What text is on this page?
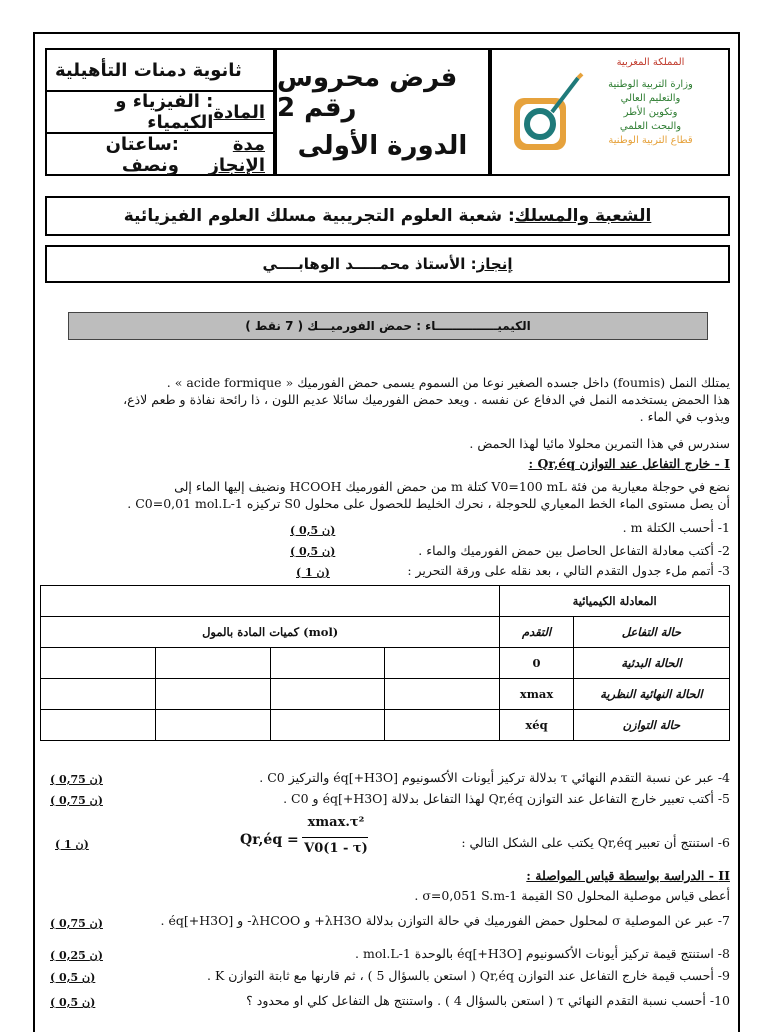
ثانوية دمنات التأهيلية
المادة
: الفيزياء و الكيمياء
مدة الإنجاز
:ساعتان ونصف
فرض محروس رقم 2
الدورة الأولى
المملكة المغربية
وزارة التربية الوطنية
والتعليم العالي
وتكوين الأطر
والبحث العلمي
قطاع التربية الوطنية
الشعبة والمسلك
: شعبة العلوم التجريبية مسلك العلوم الفيزيائية
إنجاز
: الأستاذ محمـــــد الوهابــــي
الكيميـــــــــــــــاء : حمض الفورميـــك ( 7 نقط )
يمتلك النمل (foumis) داخل جسده الصغير نوعا من السموم يسمى حمض الفورميك « acide formique » .
هذا الحمض يستخدمه النمل في الدفاع عن نفسه . ويعد حمض الفورميك سائلا عديم اللون ، ذا رائحة نفاذة و طعم لاذع،
ويذوب في الماء .
سندرس في هذا التمرين محلولا مائيا لهذا الحمض .
I - خارج التفاعل عند التوازن Qr,éq :
نضع في حوجلة معيارية من فئة V0=100 mL كتلة m من حمض الفورميك HCOOH ونضيف إليها الماء إلى
أن يصل مستوى الماء الخط المعياري للحوجلة ، نحرك الخليط للحصول على محلول S0 تركيزه C0=0,01 mol.L-1 .
1- أحسب الكتلة m .
2- أكتب معادلة التفاعل الحاصل بين حمض الفورميك والماء .
3- أتمم ملء جدول التقدم التالي ، بعد نقله على ورقة التحرير :
( 0,5 ن)
( 0,5 ن)
( 1 ن)
				المعادلة الكيميائية	
كميات المادة بالمول (mol)				التقدم	حالة التفاعل
				0	الحالة البدئية
				xmax	الحالة النهائية النظرية
				xéq	حالة التوازن
4- عبر عن نسبة التقدم النهائي τ بدلالة تركيز أيونات الأكسونيوم [H3O+]éq والتركيز C0 .
5- أكتب تعبير خارج التفاعل عند التوازن Qr,éq لهذا التفاعل بدلالة [H3O+]éq و C0 .
6- استنتج أن تعبير Qr,éq يكتب على الشكل التالي :
( 0,75 ن)
( 0,75 ن)
( 1 ن)	Qr,éq =
xmax.τ²
V0(1 - τ)
II - الدراسة بواسطة قياس المواصلة :
أعطى قياس موصلية المحلول S0 القيمة σ=0,051 S.m-1 .
7- عبر عن الموصلية σ لمحلول حمض الفورميك في حالة التوازن بدلالة λH3O+ و λHCOO- و [H3O+]éq .
8- استنتج قيمة تركيز أيونات الأكسونيوم [H3O+]éq بالوحدة mol.L-1 .
9- أحسب قيمة خارج التفاعل عند التوازن Qr,éq ( استعن بالسؤال 5 ) ، ثم قارنها مع ثابتة التوازن K .
10- أحسب نسبة التقدم النهائي τ ( استعن بالسؤال 4 ) . واستنتج هل التفاعل كلي او محدود ؟
( 0,75 ن)
( 0,25 ن)
( 0,5 ن)
( 0,5 ن)
